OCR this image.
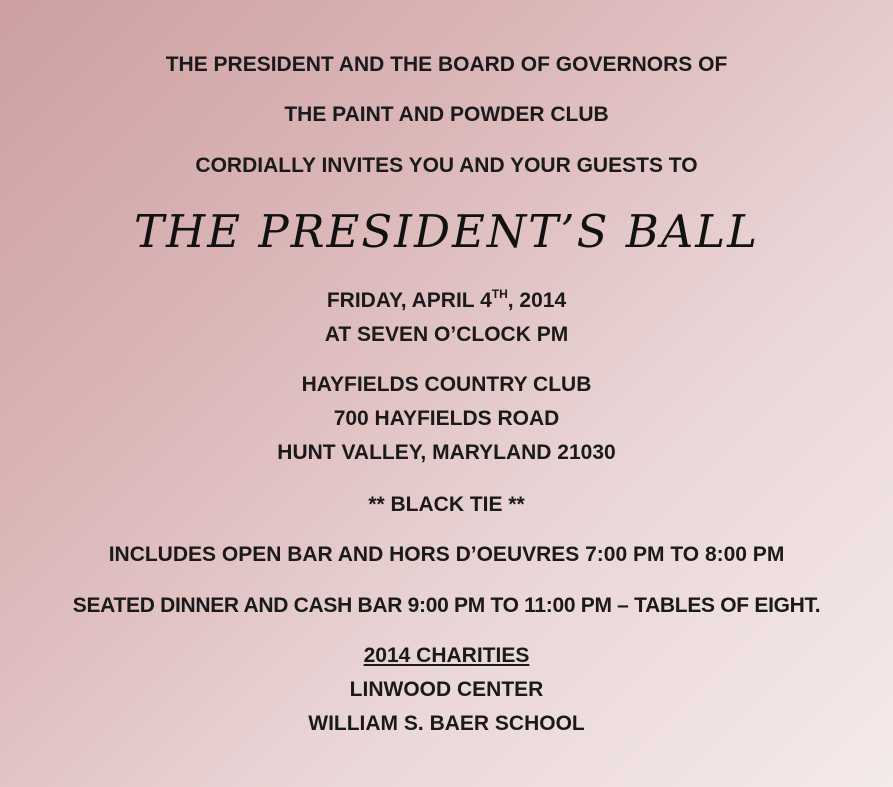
THE PRESIDENT AND THE BOARD OF GOVERNORS OF
THE PAINT AND POWDER CLUB
CORDIALLY INVITES YOU AND YOUR GUESTS TO
THE PRESIDENT’S BALL
FRIDAY, APRIL 4TH, 2014
AT SEVEN O’CLOCK PM
HAYFIELDS COUNTRY CLUB
700 HAYFIELDS ROAD
HUNT VALLEY, MARYLAND 21030
** BLACK TIE **
INCLUDES OPEN BAR AND HORS D’OEUVRES 7:00 PM TO 8:00 PM
SEATED DINNER AND CASH BAR 9:00 PM TO 11:00 PM – TABLES OF EIGHT.
2014 CHARITIES
LINWOOD CENTER
WILLIAM S. BAER SCHOOL
